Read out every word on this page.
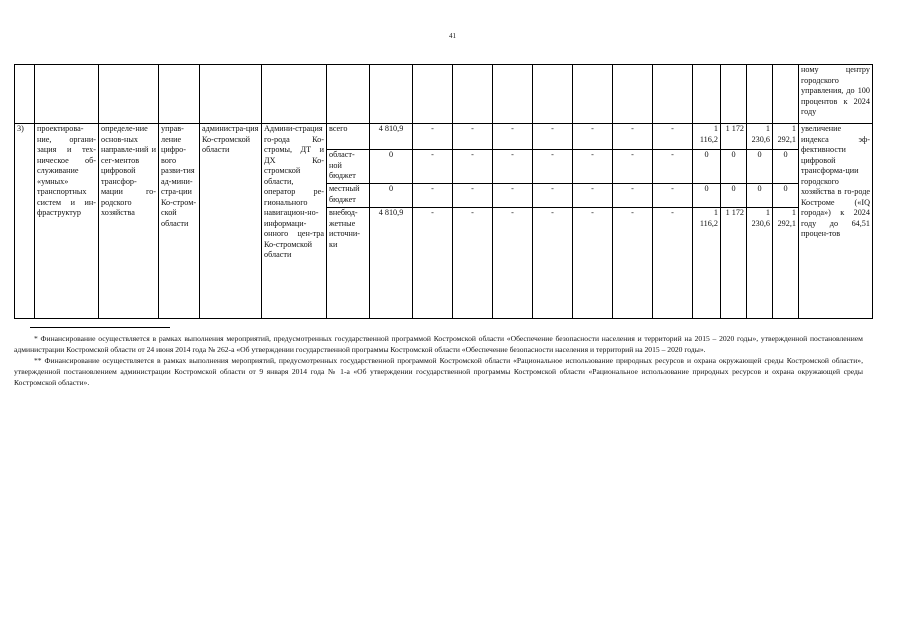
41
																			ному центру городского управления, до 100 процентов к 2024 году
3)	проектирова-ние, органи-зация и тех-ническое об-служивание «умных» транспортных систем и ин-фраструктур	определе-ние основ-ных направле-ний и сег-ментов цифровой трансфор-мации го-родского хозяйства	управ-ление цифро-вого разви-тия ад-мини-стра-ции Ко-стром-ской области	администра-ция Ко-стромской области	Админи-страция го-рода Ко-стромы, ДТ и ДХ Ко-стромской области, оператор ре-гионального навигацион-но-информаци-онного цен-тра Ко-стромской области	всего	4 810,9	-	-	-	-	-	-	-	1 116,2	1 172	1 230,6	1 292,1	увеличение индекса эф-фективности цифровой трансформа-ции городского хозяйства в го-роде Костроме («IQ города») к 2024 году до 64,51 процен-тов
						област-ной бюджет	0	-	-	-	-	-	-	-	0	0	0	0	
						местный бюджет	0	-	-	-	-	-	-	-	0	0	0	0	
						внебюд-жетные источни-ки	4 810,9	-	-	-	-	-	-	-	1 116,2	1 172	1 230,6	1 292,1	

* Финансирование осуществляется в рамках выполнения мероприятий, предусмотренных государственной программой Костромской области «Обеспечение безопасности населения и территорий на 2015 – 2020 годы», утвержденной постановлением администрации Костромской области от 24 июня 2014 года № 262-а «Об утверждении государственной программы Костромской области «Обеспечение безопасности населения и территорий на 2015 – 2020 годы».

** Финансирование осуществляется в рамках выполнения мероприятий, предусмотренных государственной программой Костромской области «Рациональное использование природных ресурсов и охрана окружающей среды Костромской области», утвержденной постановлением администрации Костромской области от 9 января 2014 года № 1-а «Об утверждении государственной программы Костромской области «Рациональное использование природных ресурсов и охрана окружающей среды Костромской области».
